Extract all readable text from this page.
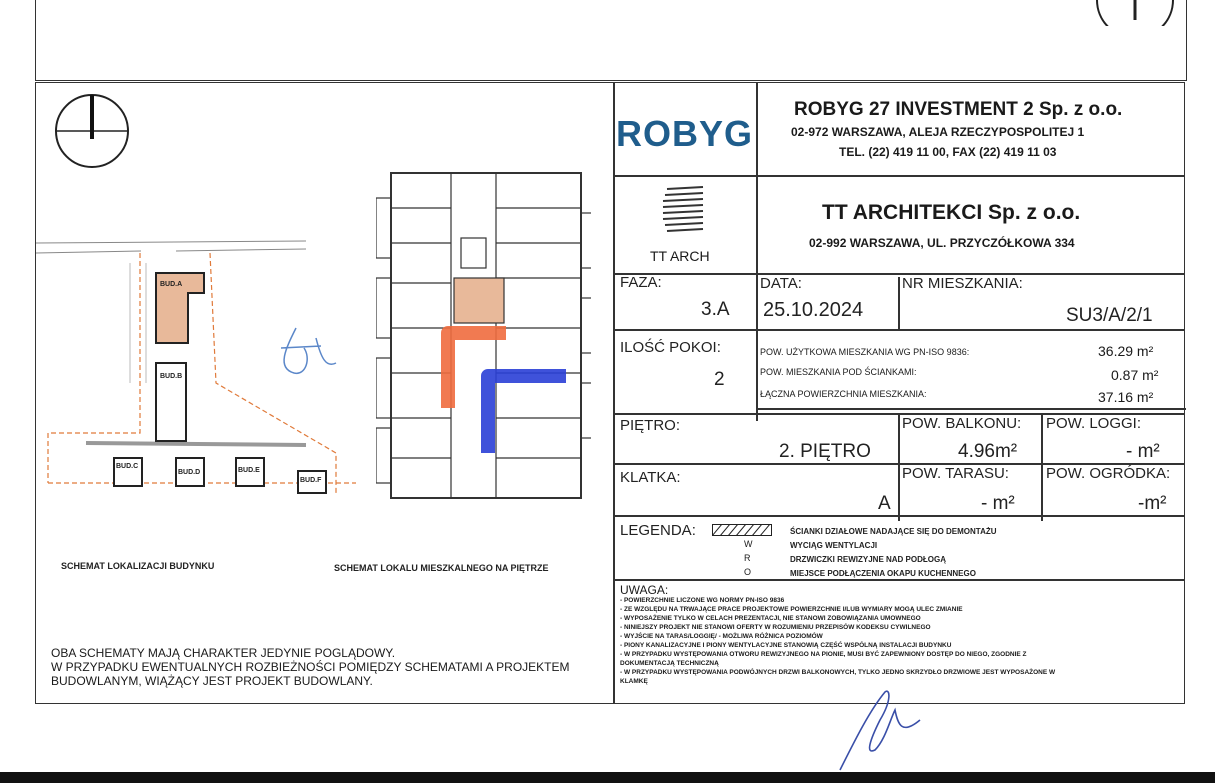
BUD.A
BUD.B
BUD.C
BUD.D	BUD.E
BUD.F
SCHEMAT LOKALIZACJI BUDYNKU	SCHEMAT LOKALU MIESZKALNEGO NA PIĘTRZE
OBA SCHEMATY MAJĄ CHARAKTER JEDYNIE POGLĄDOWY.
W PRZYPADKU EWENTUALNYCH ROZBIEŻNOŚCI POMIĘDZY SCHEMATAMI A PROJEKTEM
BUDOWLANYM, WIĄŻĄCY JEST PROJEKT BUDOWLANY.
ROBYG
ROBYG 27 INVESTMENT 2 Sp. z o.o.
02-972 WARSZAWA, ALEJA RZECZYPOSPOLITEJ 1
TEL. (22) 419 11 00, FAX (22) 419 11 03
TT ARCH
TT ARCHITEKCI Sp. z o.o.
02-992 WARSZAWA, UL. PRZYCZÓŁKOWA 334
FAZA:
3.A
DATA:
25.10.2024
NR MIESZKANIA:
SU3/A/2/1
ILOŚĆ POKOI:
2
POW. UŻYTKOWA MIESZKANIA WG PN-ISO 9836:	36.29 m²
POW. MIESZKANIA POD ŚCIANKAMI:	0.87 m²
ŁĄCZNA POWIERZCHNIA MIESZKANIA:	37.16 m²
PIĘTRO:
2. PIĘTRO
POW. BALKONU:
4.96m²
POW. LOGGI:
- m²
KLATKA:
A
POW. TARASU:
- m²
POW. OGRÓDKA:
-m²
LEGENDA:
W
R
O
ŚCIANKI DZIAŁOWE NADAJĄCE SIĘ DO DEMONTAŻU
WYCIĄG WENTYLACJI
DRZWICZKI REWIZYJNE NAD PODŁOGĄ
MIEJSCE PODŁĄCZENIA OKAPU KUCHENNEGO
UWAGA:
- POWIERZCHNIE LICZONE WG NORMY PN-ISO 9836
- ZE WZGLĘDU NA TRWAJĄCE PRACE PROJEKTOWE POWIERZCHNIE I/LUB WYMIARY MOGĄ ULEC ZMIANIE
- WYPOSAŻENIE TYLKO W CELACH PREZENTACJI, NIE STANOWI ZOBOWIĄZANIA UMOWNEGO
- NINIEJSZY PROJEKT NIE STANOWI OFERTY W ROZUMIENIU PRZEPISÓW KODEKSU CYWILNEGO
- WYJŚCIE NA TARAS/LOGGIĘ/ - MOŻLIWA RÓŻNICA POZIOMÓW
- PIONY KANALIZACYJNE I PIONY WENTYLACYJNE STANOWIĄ CZĘŚĆ WSPÓLNĄ INSTALACJI BUDYNKU
- W PRZYPADKU WYSTĘPOWANIA OTWORU REWIZYJNEGO NA PIONIE, MUSI BYĆ ZAPEWNIONY DOSTĘP DO NIEGO, ZGODNIE Z
DOKUMENTACJĄ TECHNICZNĄ
- W PRZYPADKU WYSTĘPOWANIA PODWÓJNYCH DRZWI BALKONOWYCH, TYLKO JEDNO SKRZYDŁO DRZWIOWE JEST WYPOSAŻONE W
KLAMKĘ
